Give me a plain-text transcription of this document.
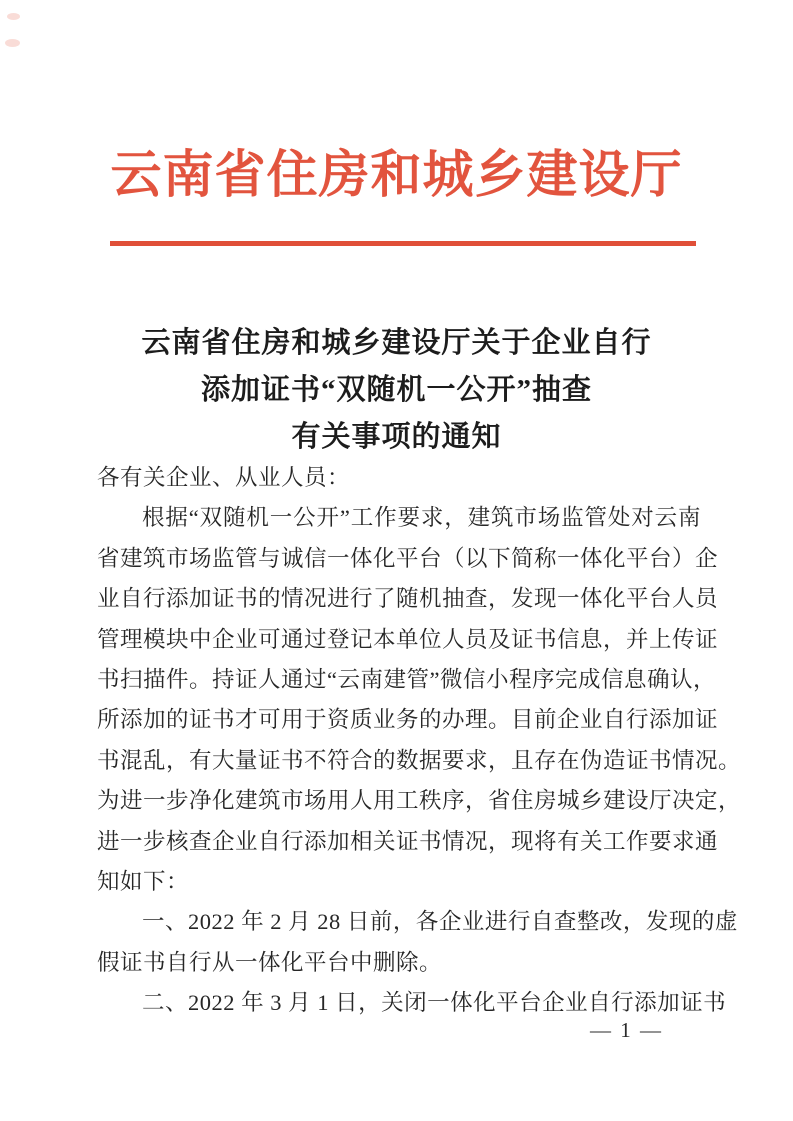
云南省住房和城乡建设厅
云南省住房和城乡建设厅关于企业自行
添加证书“双随机一公开”抽查
有关事项的通知
各有关企业、从业人员：
根据“双随机一公开”工作要求，建筑市场监管处对云南
省建筑市场监管与诚信一体化平台（以下简称一体化平台）企
业自行添加证书的情况进行了随机抽查，发现一体化平台人员
管理模块中企业可通过登记本单位人员及证书信息，并上传证
书扫描件。持证人通过“云南建管”微信小程序完成信息确认，
所添加的证书才可用于资质业务的办理。目前企业自行添加证
书混乱，有大量证书不符合的数据要求，且存在伪造证书情况。
为进一步净化建筑市场用人用工秩序，省住房城乡建设厅决定，
进一步核查企业自行添加相关证书情况，现将有关工作要求通
知如下：
一、2022 年 2 月 28 日前，各企业进行自查整改，发现的虚
假证书自行从一体化平台中删除。
二、2022 年 3 月 1 日，关闭一体化平台企业自行添加证书
— 1 —
